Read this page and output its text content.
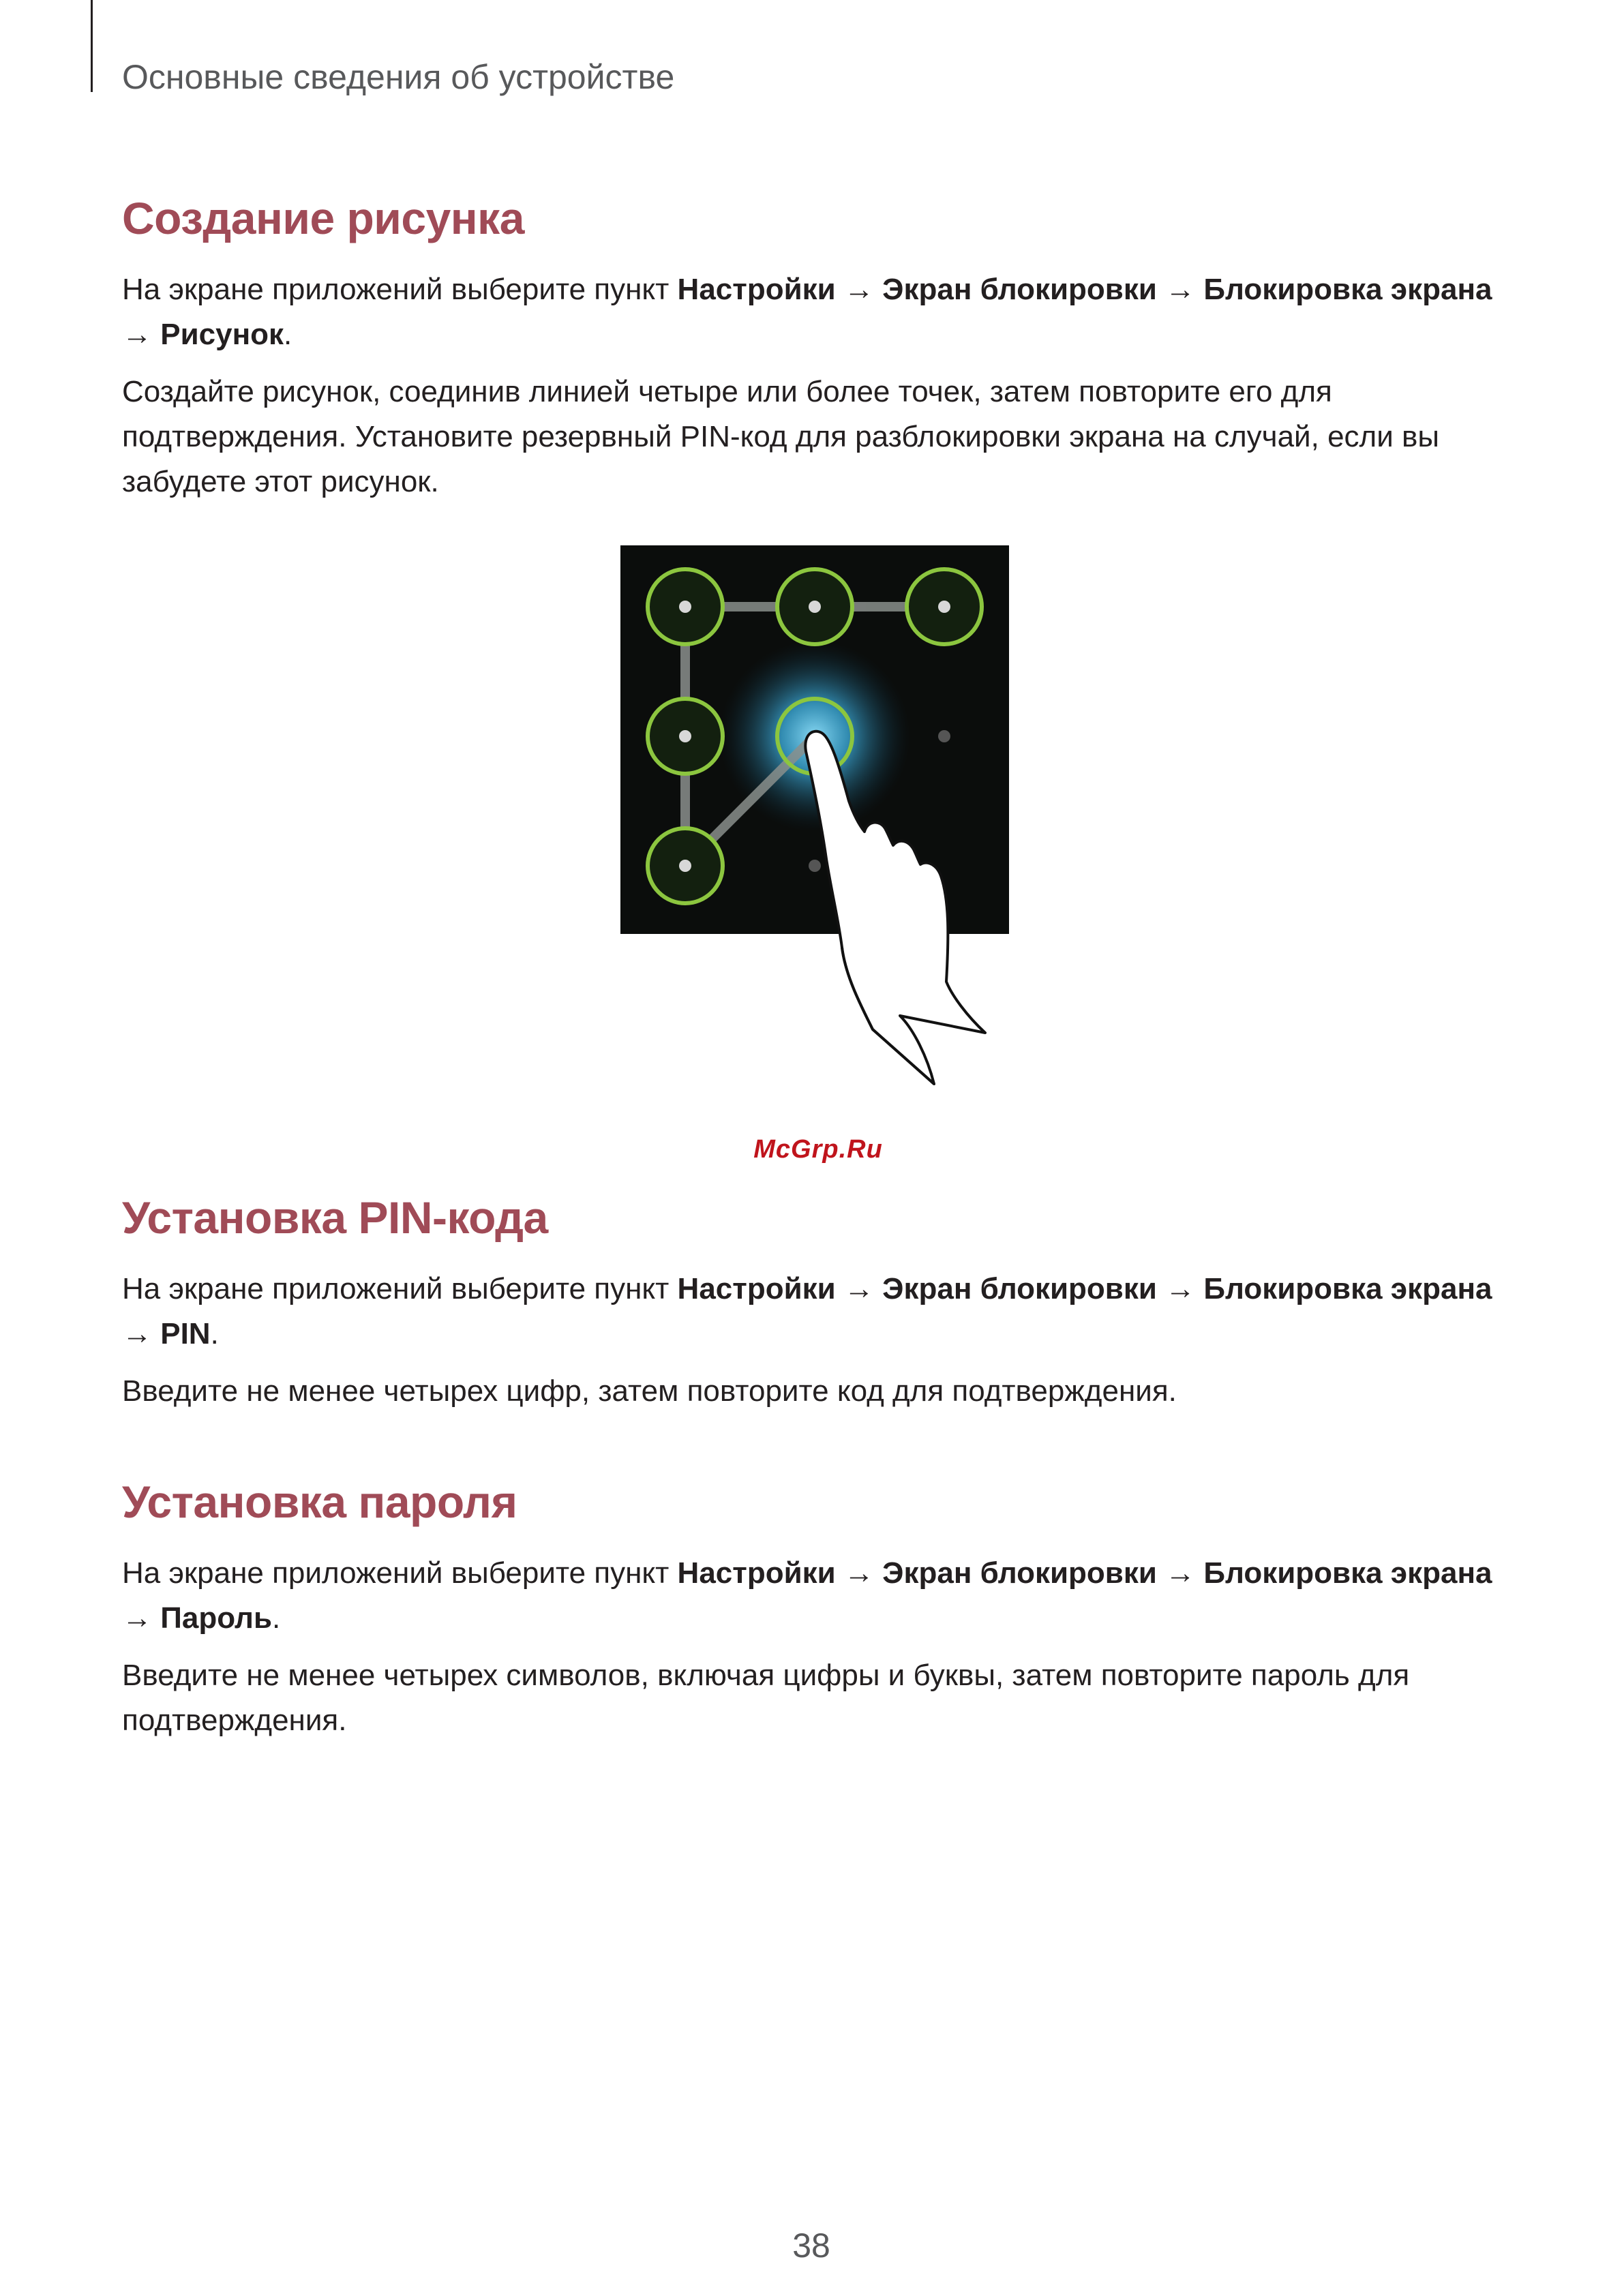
Основные сведения об устройстве
Создание рисунка
На экране приложений выберите пункт Настройки → Экран блокировки → Блокировка экрана
→ Рисунок.
Создайте рисунок, соединив линией четыре или более точек, затем повторите его для подтверждения. Установите резервный PIN-код для разблокировки экрана на случай, если вы забудете этот рисунок.
McGrp.Ru
Установка PIN-кода
На экране приложений выберите пункт Настройки → Экран блокировки → Блокировка экрана
→ PIN.
Введите не менее четырех цифр, затем повторите код для подтверждения.
Установка пароля
На экране приложений выберите пункт Настройки → Экран блокировки → Блокировка экрана
→ Пароль.
Введите не менее четырех символов, включая цифры и буквы, затем повторите пароль для подтверждения.
38
